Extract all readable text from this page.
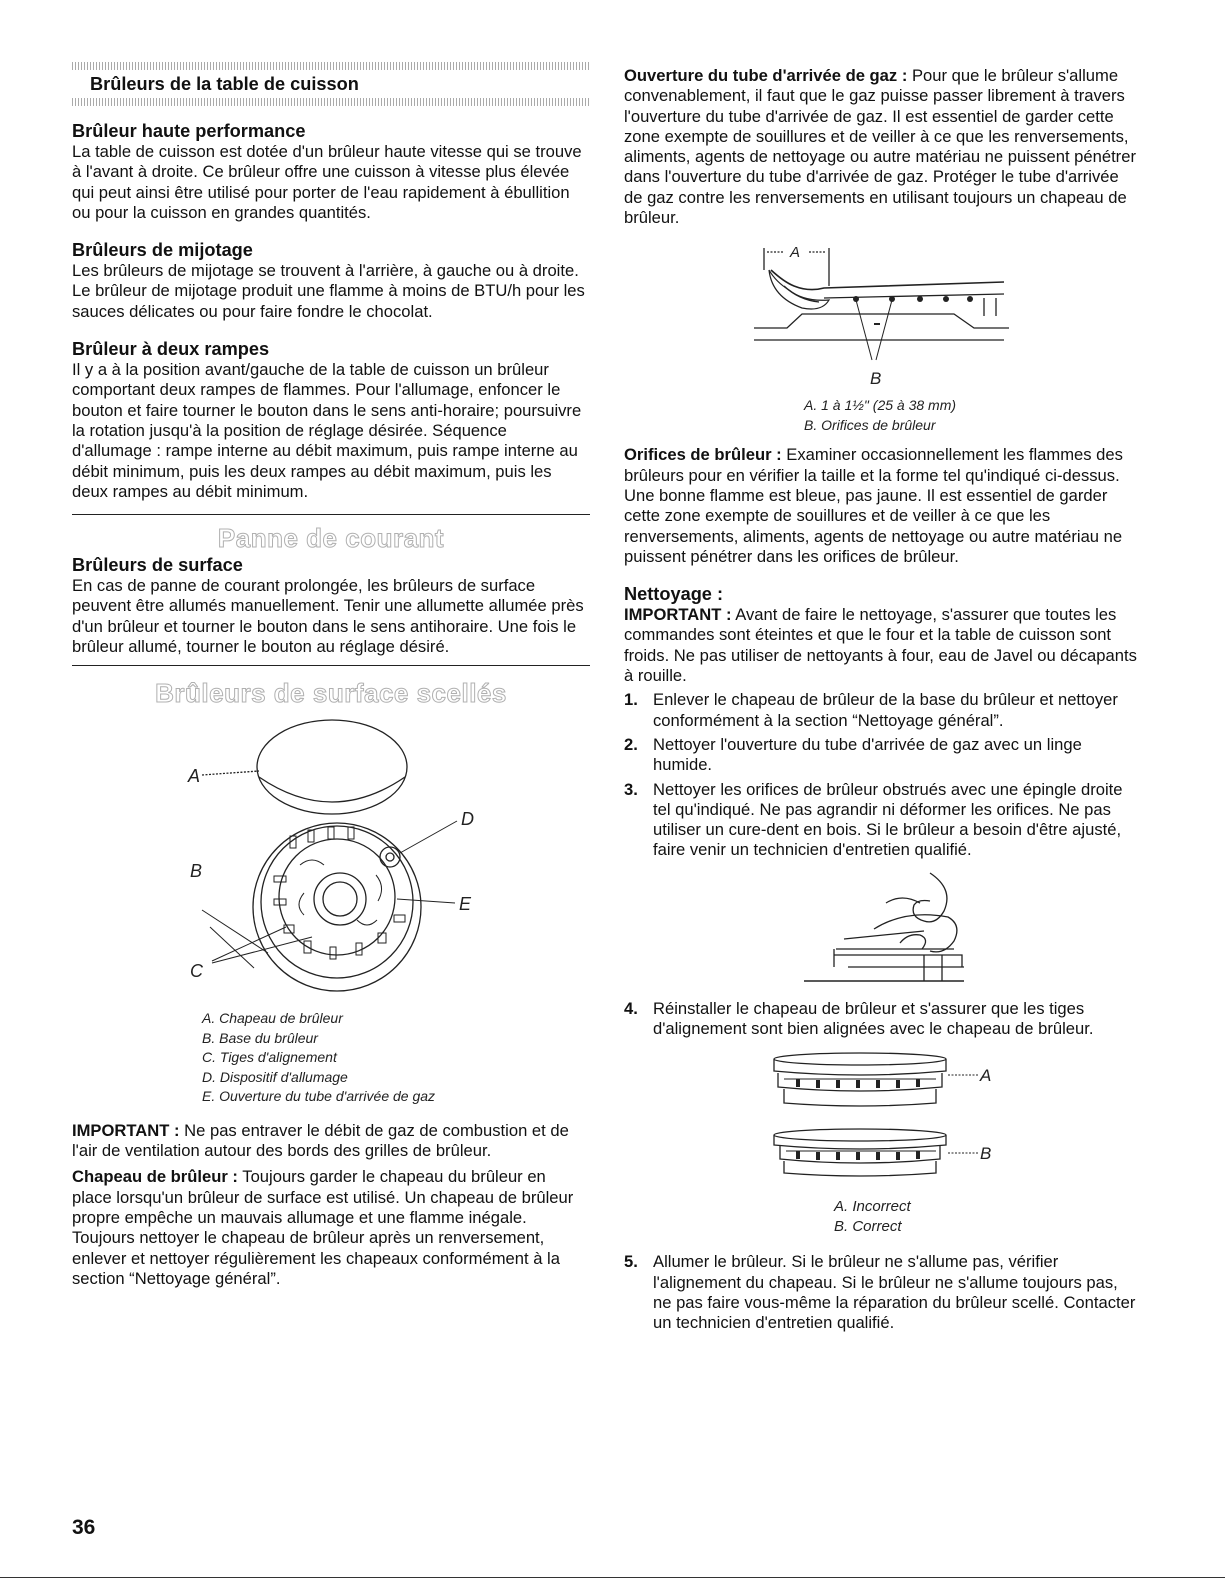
Brûleurs de la table de cuisson
Brûleur haute performance

La table de cuisson est dotée d'un brûleur haute vitesse qui se trouve à l'avant à droite. Ce brûleur offre une cuisson à vitesse plus élevée qui peut ainsi être utilisé pour porter de l'eau rapidement à ébullition ou pour la cuisson en grandes quantités.

Brûleurs de mijotage

Les brûleurs de mijotage se trouvent à l'arrière, à gauche ou à droite. Le brûleur de mijotage produit une flamme à moins de BTU/h pour les sauces délicates ou pour faire fondre le chocolat.

Brûleur à deux rampes

Il y a à la position avant/gauche de la table de cuisson un brûleur comportant deux rampes de flammes. Pour l'allumage, enfoncer le bouton et faire tourner le bouton dans le sens anti-horaire; poursuivre la rotation jusqu'à la position de réglage désirée. Séquence d'allumage : rampe interne au débit maximum, puis rampe interne au débit minimum, puis les deux rampes au débit maximum, puis les deux rampes au débit minimum.

Panne de courant
Brûleurs de surface

En cas de panne de courant prolongée, les brûleurs de surface peuvent être allumés manuellement. Tenir une allumette allumée près d'un brûleur et tourner le bouton dans le sens antihoraire. Une fois le brûleur allumé, tourner le bouton au réglage désiré.

Brûleurs de surface scellés
A
B
C
D
E
A. Chapeau de brûleur
B. Base du brûleur
C. Tiges d'alignement
D. Dispositif d'allumage
E. Ouverture du tube d'arrivée de gaz

IMPORTANT : Ne pas entraver le débit de gaz de combustion et de l'air de ventilation autour des bords des grilles de brûleur.

Chapeau de brûleur : Toujours garder le chapeau du brûleur en place lorsqu'un brûleur de surface est utilisé. Un chapeau de brûleur propre empêche un mauvais allumage et une flamme inégale. Toujours nettoyer le chapeau de brûleur après un renversement, enlever et nettoyer régulièrement les chapeaux conformément à la section “Nettoyage général”.

Ouverture du tube d'arrivée de gaz : Pour que le brûleur s'allume convenablement, il faut que le gaz puisse passer librement à travers l'ouverture du tube d'arrivée de gaz. Il est essentiel de garder cette zone exempte de souillures et de veiller à ce que les renversements, aliments, agents de nettoyage ou autre matériau ne puissent pénétrer dans l'ouverture du tube d'arrivée de gaz. Protéger le tube d'arrivée de gaz contre les renversements en utilisant toujours un chapeau de brûleur.

A
B
A. 1 à 1½" (25 à 38 mm)
B. Orifices de brûleur

Orifices de brûleur : Examiner occasionnellement les flammes des brûleurs pour en vérifier la taille et la forme tel qu'indiqué ci-dessus. Une bonne flamme est bleue, pas jaune. Il est essentiel de garder cette zone exempte de souillures et de veiller à ce que les renversements, aliments, agents de nettoyage ou autre matériau ne puissent pénétrer dans les orifices de brûleur.

Nettoyage :

IMPORTANT : Avant de faire le nettoyage, s'assurer que toutes les commandes sont éteintes et que le four et la table de cuisson sont froids. Ne pas utiliser de nettoyants à four, eau de Javel ou décapants à rouille.

1. Enlever le chapeau de brûleur de la base du brûleur et nettoyer conformément à la section “Nettoyage général”.
2. Nettoyer l'ouverture du tube d'arrivée de gaz avec un linge humide.
3. Nettoyer les orifices de brûleur obstrués avec une épingle droite tel qu'indiqué. Ne pas agrandir ni déformer les orifices. Ne pas utiliser un cure-dent en bois. Si le brûleur a besoin d'être ajusté, faire venir un technicien d'entretien qualifié.
4. Réinstaller le chapeau de brûleur et s'assurer que les tiges d'alignement sont bien alignées avec le chapeau de brûleur.
A
B
A. Incorrect
B. Correct
5. Allumer le brûleur. Si le brûleur ne s'allume pas, vérifier l'alignement du chapeau. Si le brûleur ne s'allume toujours pas, ne pas faire vous-même la réparation du brûleur scellé. Contacter un technicien d'entretien qualifié.
36
